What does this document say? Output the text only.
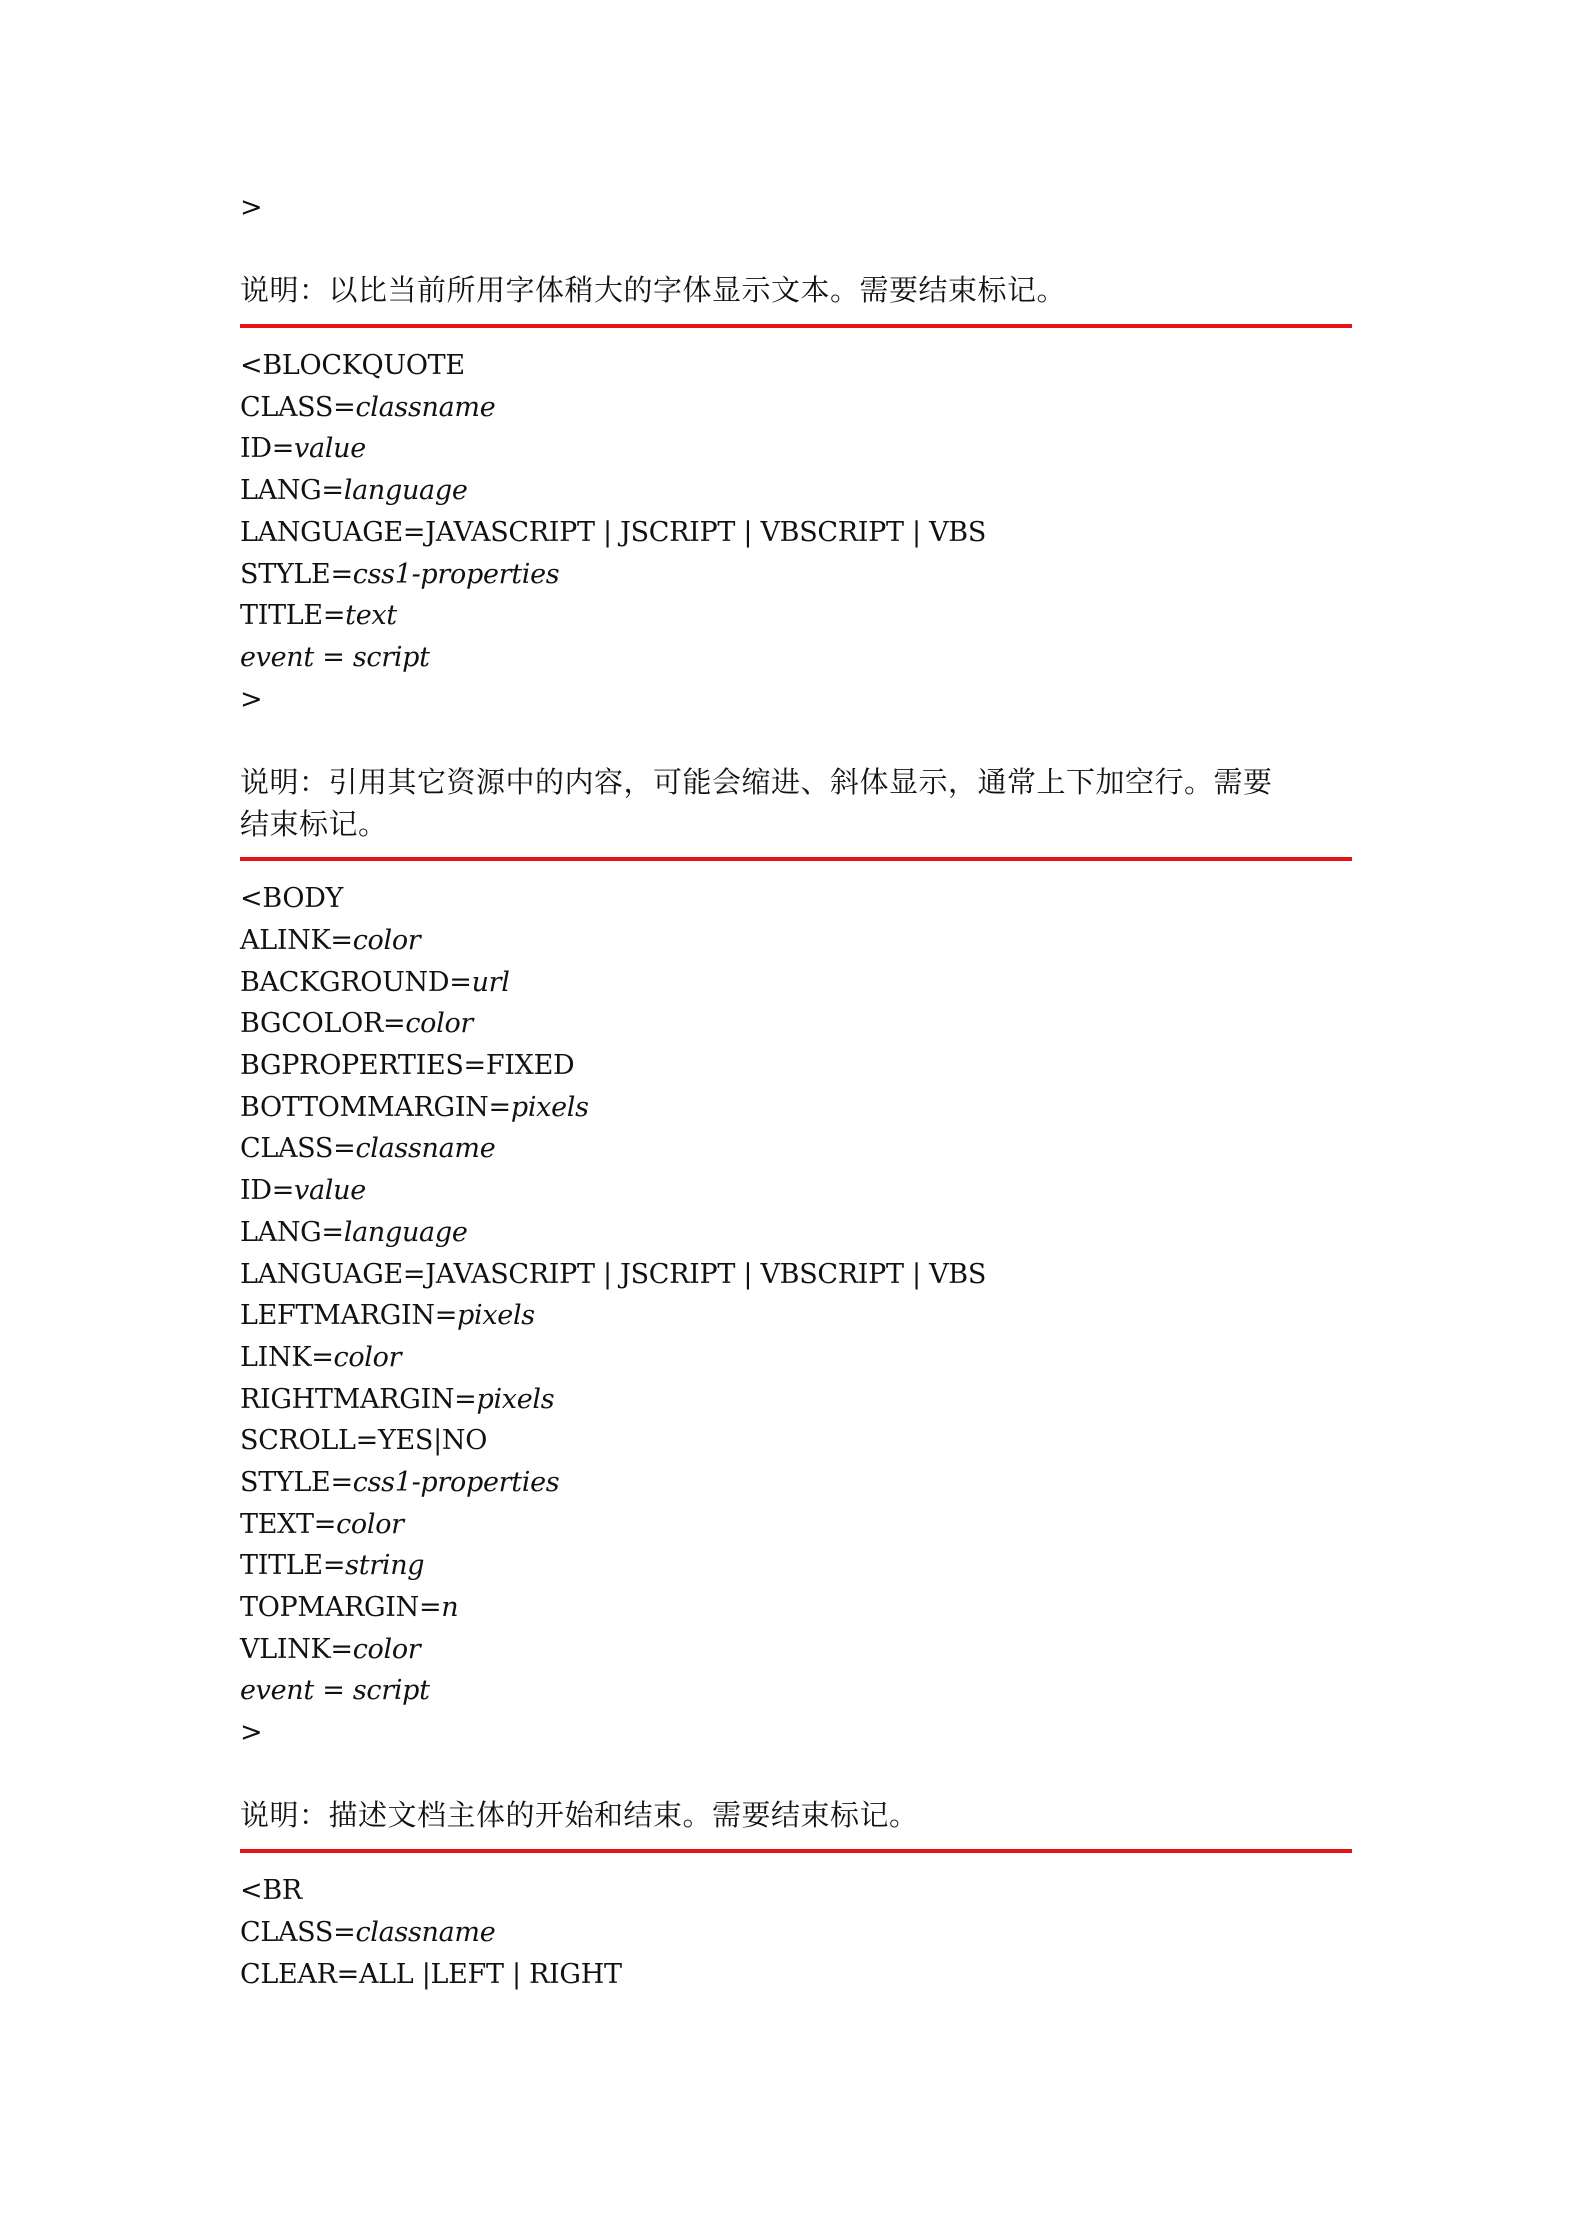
>
说明：以比当前所用字体稍大的字体显示文本。需要结束标记。
<BLOCKQUOTE
CLASS=classname
ID=value
LANG=language
LANGUAGE=JAVASCRIPT | JSCRIPT | VBSCRIPT | VBS
STYLE=css1-properties
TITLE=text
event = script
>
说明：引用其它资源中的内容，可能会缩进、斜体显示，通常上下加空行。需要
结束标记。
<BODY
ALINK=color
BACKGROUND=url
BGCOLOR=color
BGPROPERTIES=FIXED
BOTTOMMARGIN=pixels
CLASS=classname
ID=value
LANG=language
LANGUAGE=JAVASCRIPT | JSCRIPT | VBSCRIPT | VBS
LEFTMARGIN=pixels
LINK=color
RIGHTMARGIN=pixels
SCROLL=YES|NO
STYLE=css1-properties
TEXT=color
TITLE=string
TOPMARGIN=n
VLINK=color
event = script
>
说明：描述文档主体的开始和结束。需要结束标记。
<BR
CLASS=classname
CLEAR=ALL |LEFT | RIGHT
